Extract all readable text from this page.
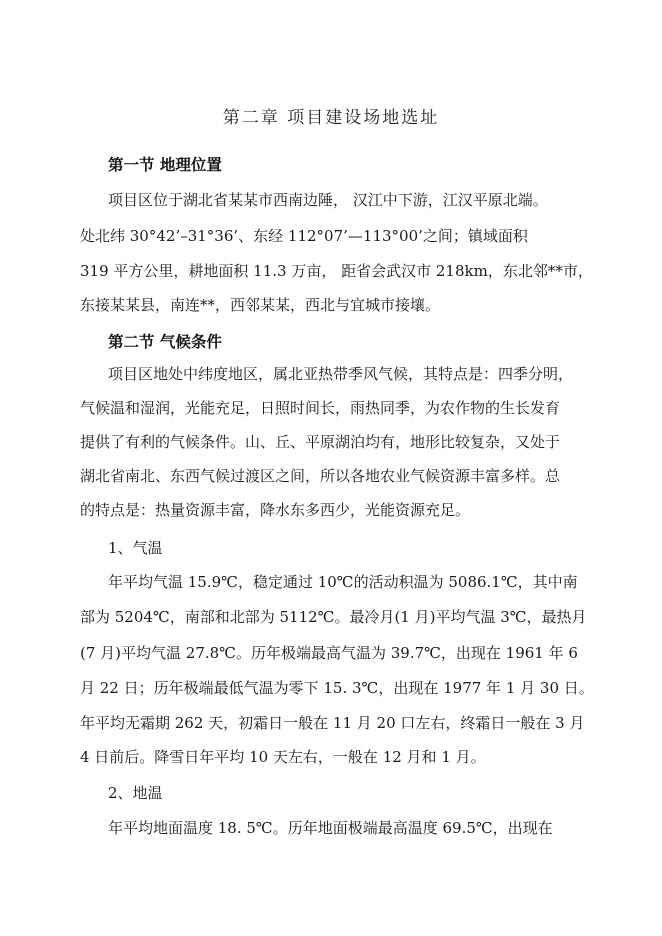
第二章 项目建设场地选址
第一节 地理位置
项目区位于湖北省某某市西南边陲， 汉江中下游，江汉平原北端。
处北纬 30°42’–31°36’、东经 112°07’—113°00’之间；镇域面积
319 平方公里，耕地面积 11.3 万亩， 距省会武汉市 218km，东北邻**市，
东接某某县，南连**，西邻某某，西北与宜城市接壤。
第二节 气候条件
项目区地处中纬度地区，属北亚热带季风气候，其特点是：四季分明，
气候温和湿润，光能充足，日照时间长，雨热同季，为农作物的生长发育
提供了有利的气候条件。山、丘、平原湖泊均有，地形比较复杂，又处于
湖北省南北、东西气候过渡区之间，所以各地农业气候资源丰富多样。总
的特点是：热量资源丰富，降水东多西少，光能资源充足。
1、气温
年平均气温 15.9℃，稳定通过 10℃的活动积温为 5086.1℃，其中南
部为 5204℃，南部和北部为 5112℃。最冷月(1 月)平均气温 3℃，最热月
(7 月)平均气温 27.8℃。历年极端最高气温为 39.7℃，出现在 1961 年 6
月 22 日；历年极端最低气温为零下 15. 3℃，出现在 1977 年 1 月 30 日。
年平均无霜期 262 天，初霜日一般在 11 月 20 口左右，终霜日一般在 3 月
4 日前后。降雪日年平均 10 天左右，一般在 12 月和 1 月。
2、地温
年平均地面温度 18. 5℃。历年地面极端最高温度 69.5℃，出现在
